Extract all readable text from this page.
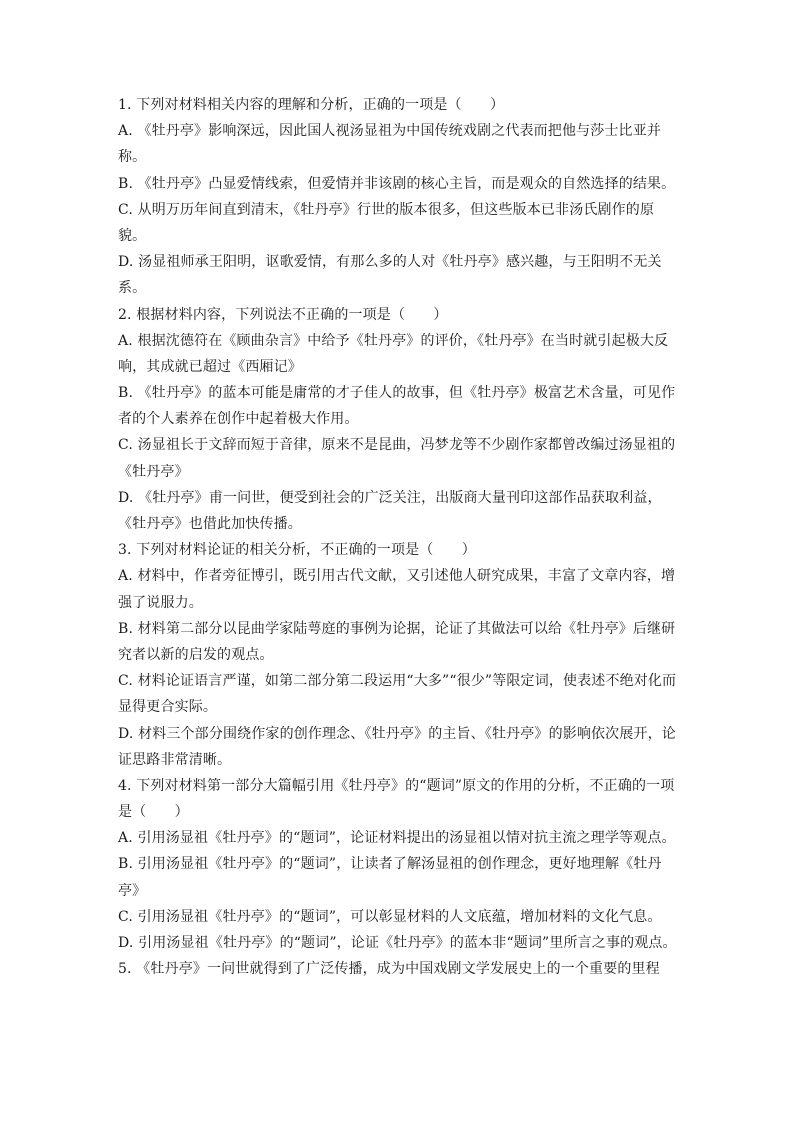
1. 下列对材料相关内容的理解和分析，正确的一项是（　　）
A. 《牡丹亭》影响深远，因此国人视汤显祖为中国传统戏剧之代表而把他与莎士比亚并
称。
B. 《牡丹亭》凸显爱情线索，但爱情并非该剧的核心主旨，而是观众的自然选择的结果。
C. 从明万历年间直到清末，《牡丹亭》行世的版本很多，但这些版本已非汤氏剧作的原
貌。
D. 汤显祖师承王阳明，讴歌爱情，有那么多的人对《牡丹亭》感兴趣，与王阳明不无关
系。
2. 根据材料内容，下列说法不正确的一项是（　　）
A. 根据沈德符在《顾曲杂言》中给予《牡丹亭》的评价，《牡丹亭》在当时就引起极大反
响，其成就已超过《西厢记》
B. 《牡丹亭》的蓝本可能是庸常的才子佳人的故事，但《牡丹亭》极富艺术含量，可见作
者的个人素养在创作中起着极大作用。
C. 汤显祖长于文辞而短于音律，原来不是昆曲，冯梦龙等不少剧作家都曾改编过汤显祖的
《牡丹亭》
D. 《牡丹亭》甫一问世，便受到社会的广泛关注，出版商大量刊印这部作品获取利益，
《牡丹亭》也借此加快传播。
3. 下列对材料论证的相关分析，不正确的一项是（　　）
A. 材料中，作者旁征博引，既引用古代文献，又引述他人研究成果，丰富了文章内容，增
强了说服力。
B. 材料第二部分以昆曲学家陆萼庭的事例为论据，论证了其做法可以给《牡丹亭》后继研
究者以新的启发的观点。
C. 材料论证语言严谨，如第二部分第二段运用“大多”“很少”等限定词，使表述不绝对化而
显得更合实际。
D. 材料三个部分围绕作家的创作理念、《牡丹亭》的主旨、《牡丹亭》的影响依次展开，论
证思路非常清晰。
4. 下列对材料第一部分大篇幅引用《牡丹亭》的“题词”原文的作用的分析，不正确的一项
是（　　）
A. 引用汤显祖《牡丹亭》的“题词”，论证材料提出的汤显祖以情对抗主流之理学等观点。
B. 引用汤显祖《牡丹亭》的“题词”，让读者了解汤显祖的创作理念，更好地理解《牡丹
亭》
C. 引用汤显祖《牡丹亭》的“题词”，可以彰显材料的人文底蕴，增加材料的文化气息。
D. 引用汤显祖《牡丹亭》的“题词”，论证《牡丹亭》的蓝本非“题词”里所言之事的观点。
5. 《牡丹亭》一问世就得到了广泛传播，成为中国戏剧文学发展史上的一个重要的里程
